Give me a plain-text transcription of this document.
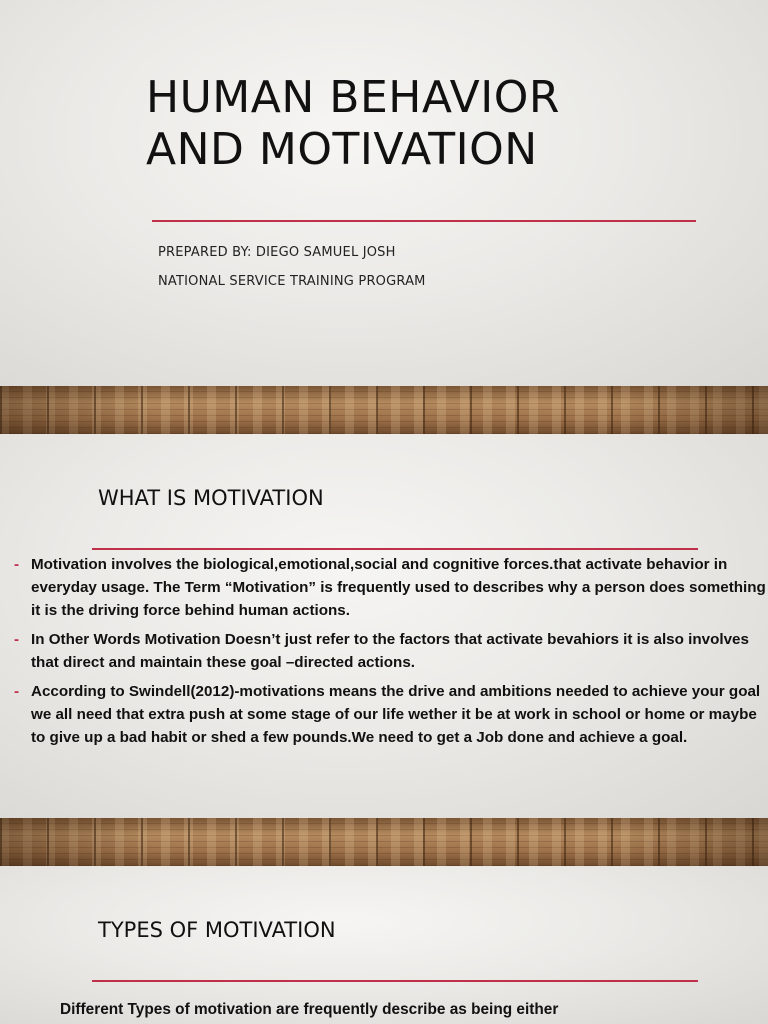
HUMAN BEHAVIOR
AND MOTIVATION
PREPARED BY: DIEGO SAMUEL JOSH
NATIONAL SERVICE TRAINING PROGRAM
WHAT IS MOTIVATION
- Motivation involves the biological,emotional,social and cognitive forces.that activate behavior in everyday usage. The Term “Motivation” is frequently used to describes why a person does something it is the driving force behind human actions.
- In Other Words Motivation Doesn’t just refer to the factors that activate bevahiors it is also involves that direct and maintain these goal –directed actions.
- According to Swindell(2012)-motivations means the drive and ambitions needed to achieve your goal we all need that extra push at some stage of our life wether it be at work in school or home or maybe to give up a bad habit or shed a few pounds.We need to get a Job done and achieve a goal.
TYPES OF MOTIVATION

Different Types of motivation are frequently describe as being either
